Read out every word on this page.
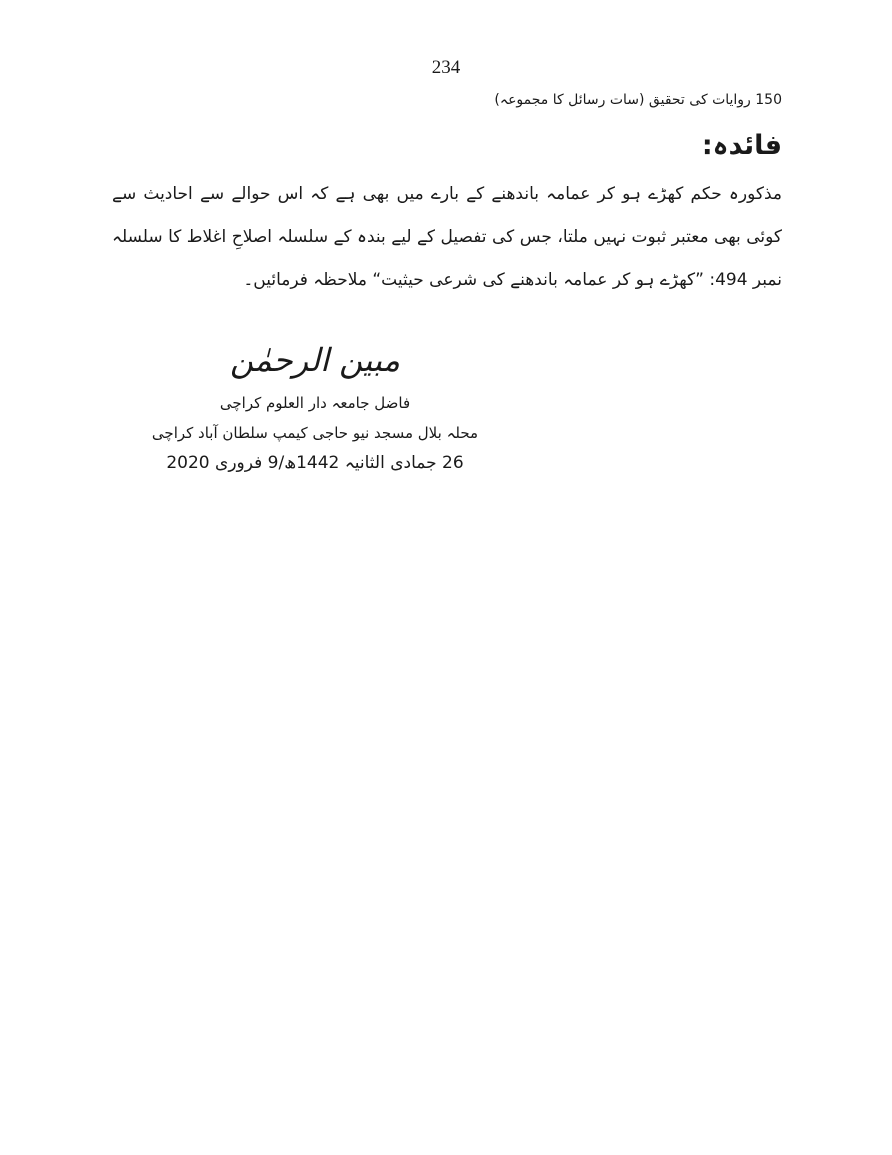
234
150 روایات کی تحقیق (سات رسائل کا مجموعہ)
فائدہ:

مذکورہ حکم کھڑے ہو کر عمامہ باندھنے کے بارے میں بھی ہے کہ اس حوالے سے احادیث سے کوئی بھی معتبر ثبوت نہیں ملتا، جس کی تفصیل کے لیے بندہ کے سلسلہ اصلاحِ اغلاط کا سلسلہ نمبر 494: ”کھڑے ہو کر عمامہ باندھنے کی شرعی حیثیت“ ملاحظہ فرمائیں۔

مبین الرحمٰن
فاضل جامعہ دار العلوم کراچی
محلہ بلال مسجد نیو حاجی کیمپ سلطان آباد کراچی
26 جمادی الثانیہ 1442ھ/9 فروری 2020
